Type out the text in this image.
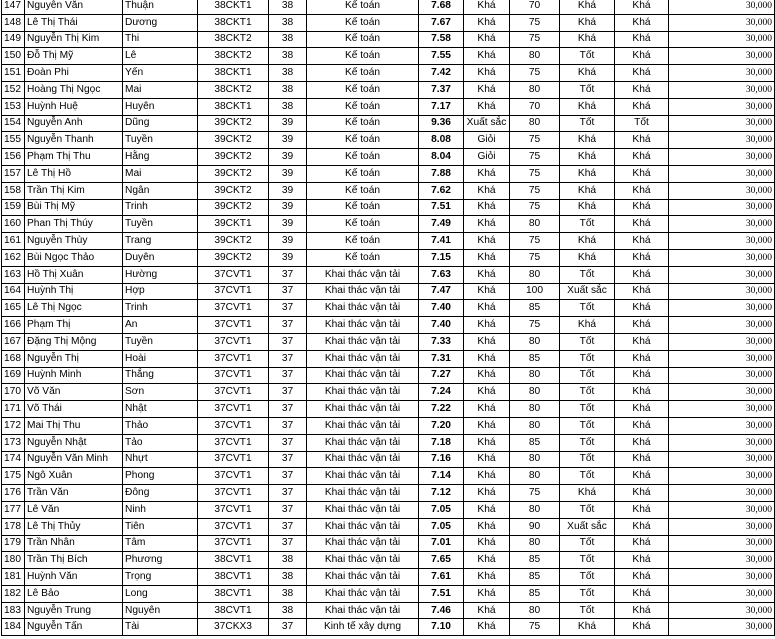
147	Nguyễn Văn	Thuận	38CKT1	38	Kế toán	7.68	Khá	70	Khá	Khá	30,000
148	Lê Thị Thái	Dương	38CKT1	38	Kế toán	7.67	Khá	75	Khá	Khá	30,000
149	Nguyễn Thị Kim	Thi	38CKT2	38	Kế toán	7.58	Khá	75	Khá	Khá	30,000
150	Đỗ Thị Mỹ	Lê	38CKT2	38	Kế toán	7.55	Khá	80	Tốt	Khá	30,000
151	Đoàn Phi	Yến	38CKT1	38	Kế toán	7.42	Khá	75	Khá	Khá	30,000
152	Hoàng Thị Ngọc	Mai	38CKT2	38	Kế toán	7.37	Khá	80	Tốt	Khá	30,000
153	Huỳnh Huệ	Huyên	38CKT1	38	Kế toán	7.17	Khá	70	Khá	Khá	30,000
154	Nguyễn Anh	Dũng	39CKT2	39	Kế toán	9.36	Xuất sắc	80	Tốt	Tốt	30,000
155	Nguyễn Thanh	Tuyền	39CKT2	39	Kế toán	8.08	Giỏi	75	Khá	Khá	30,000
156	Phạm Thị Thu	Hằng	39CKT2	39	Kế toán	8.04	Giỏi	75	Khá	Khá	30,000
157	Lê Thị Hồ	Mai	39CKT2	39	Kế toán	7.88	Khá	75	Khá	Khá	30,000
158	Trần Thị Kim	Ngân	39CKT2	39	Kế toán	7.62	Khá	75	Khá	Khá	30,000
159	Bùi Thị Mỹ	Trinh	39CKT2	39	Kế toán	7.51	Khá	75	Khá	Khá	30,000
160	Phan Thị Thúy	Tuyền	39CKT1	39	Kế toán	7.49	Khá	80	Tốt	Khá	30,000
161	Nguyễn Thùy	Trang	39CKT2	39	Kế toán	7.41	Khá	75	Khá	Khá	30,000
162	Bùi Ngọc Thảo	Duyên	39CKT2	39	Kế toán	7.15	Khá	75	Khá	Khá	30,000
163	Hồ Thị Xuân	Hường	37CVT1	37	Khai thác vận tải	7.63	Khá	80	Tốt	Khá	30,000
164	Huỳnh Thị	Hợp	37CVT1	37	Khai thác vận tải	7.47	Khá	100	Xuất sắc	Khá	30,000
165	Lê Thị Ngọc	Trinh	37CVT1	37	Khai thác vận tải	7.40	Khá	85	Tốt	Khá	30,000
166	Phạm Thị	An	37CVT1	37	Khai thác vận tải	7.40	Khá	75	Khá	Khá	30,000
167	Đặng Thị Mộng	Tuyền	37CVT1	37	Khai thác vận tải	7.33	Khá	80	Tốt	Khá	30,000
168	Nguyễn Thị	Hoài	37CVT1	37	Khai thác vận tải	7.31	Khá	85	Tốt	Khá	30,000
169	Huỳnh Minh	Thắng	37CVT1	37	Khai thác vận tải	7.27	Khá	80	Tốt	Khá	30,000
170	Võ Văn	Sơn	37CVT1	37	Khai thác vận tải	7.24	Khá	80	Tốt	Khá	30,000
171	Võ Thái	Nhật	37CVT1	37	Khai thác vận tải	7.22	Khá	80	Tốt	Khá	30,000
172	Mai Thị Thu	Thảo	37CVT1	37	Khai thác vận tải	7.20	Khá	80	Tốt	Khá	30,000
173	Nguyễn Nhật	Tảo	37CVT1	37	Khai thác vận tải	7.18	Khá	85	Tốt	Khá	30,000
174	Nguyễn Văn Minh	Nhựt	37CVT1	37	Khai thác vận tải	7.16	Khá	80	Tốt	Khá	30,000
175	Ngô Xuân	Phong	37CVT1	37	Khai thác vận tải	7.14	Khá	80	Tốt	Khá	30,000
176	Trần Văn	Đông	37CVT1	37	Khai thác vận tải	7.12	Khá	75	Khá	Khá	30,000
177	Lê Văn	Ninh	37CVT1	37	Khai thác vận tải	7.05	Khá	80	Tốt	Khá	30,000
178	Lê Thị Thủy	Tiên	37CVT1	37	Khai thác vận tải	7.05	Khá	90	Xuất sắc	Khá	30,000
179	Trần Nhân	Tâm	37CVT1	37	Khai thác vận tải	7.01	Khá	80	Tốt	Khá	30,000
180	Trần Thị Bích	Phương	38CVT1	38	Khai thác vận tải	7.65	Khá	85	Tốt	Khá	30,000
181	Huỳnh Văn	Trọng	38CVT1	38	Khai thác vận tải	7.61	Khá	85	Tốt	Khá	30,000
182	Lê Bảo	Long	38CVT1	38	Khai thác vận tải	7.51	Khá	85	Tốt	Khá	30,000
183	Nguyễn Trung	Nguyên	38CVT1	38	Khai thác vận tải	7.46	Khá	80	Tốt	Khá	30,000
184	Nguyễn Tấn	Tài	37CKX3	37	Kinh tế xây dựng	7.10	Khá	75	Khá	Khá	30,000
